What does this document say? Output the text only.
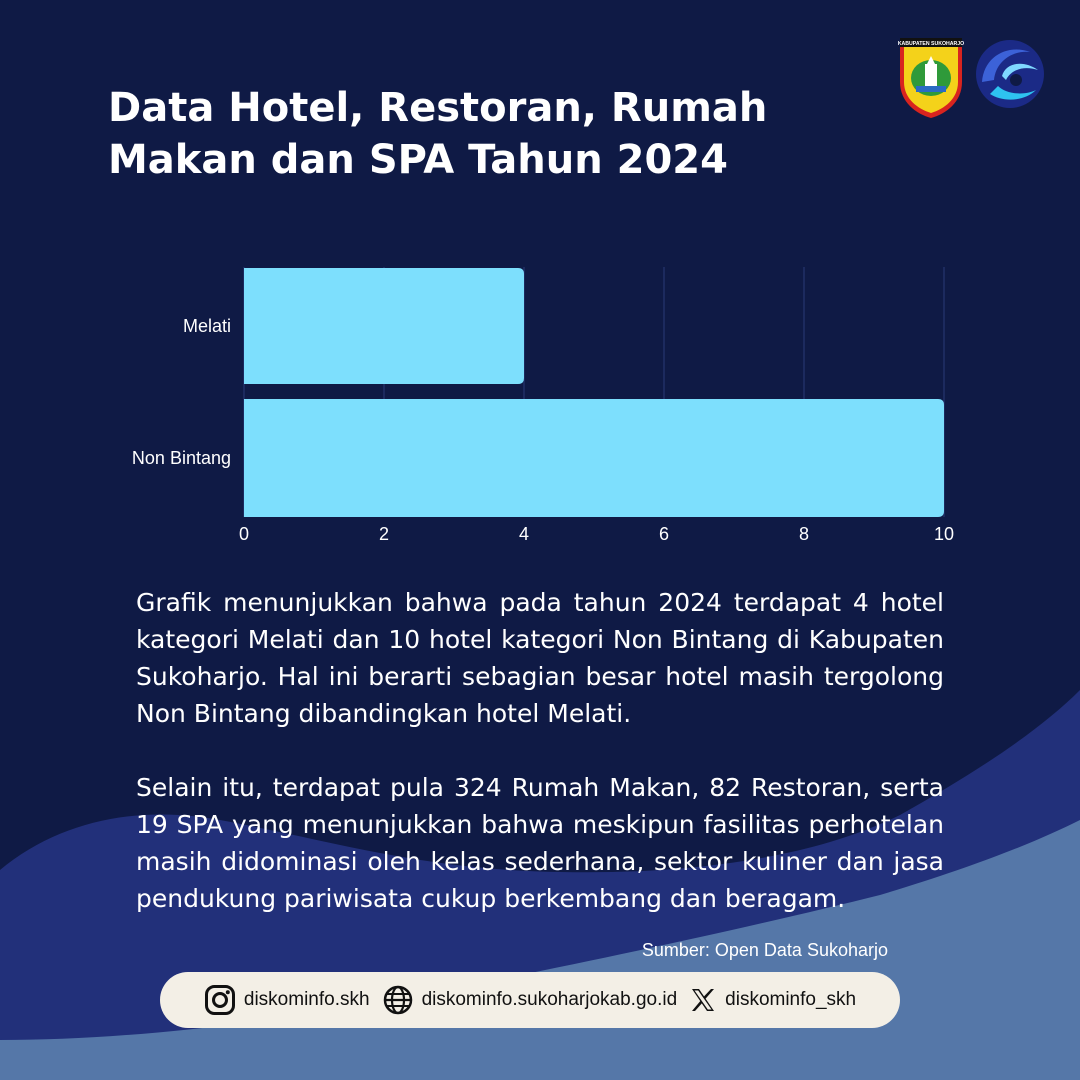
Data Hotel, Restoran, Rumah Makan dan SPA Tahun 2024
KABUPATEN SUKOHARJO
Melati
Non Bintang
0	2	4	6	8	10

Grafik menunjukkan bahwa pada tahun 2024 terdapat 4 hotel kategori Melati dan 10 hotel kategori Non Bintang di Kabupaten Sukoharjo. Hal ini berarti sebagian besar hotel masih tergolong Non Bintang dibandingkan hotel Melati.

Selain itu, terdapat pula 324 Rumah Makan, 82 Restoran, serta 19 SPA yang menunjukkan bahwa meskipun fasilitas perhotelan masih didominasi oleh kelas sederhana, sektor kuliner dan jasa pendukung pariwisata cukup berkembang dan beragam.

Sumber: Open Data Sukoharjo
diskominfo.skh	diskominfo.sukoharjokab.go.id	diskominfo_skh
